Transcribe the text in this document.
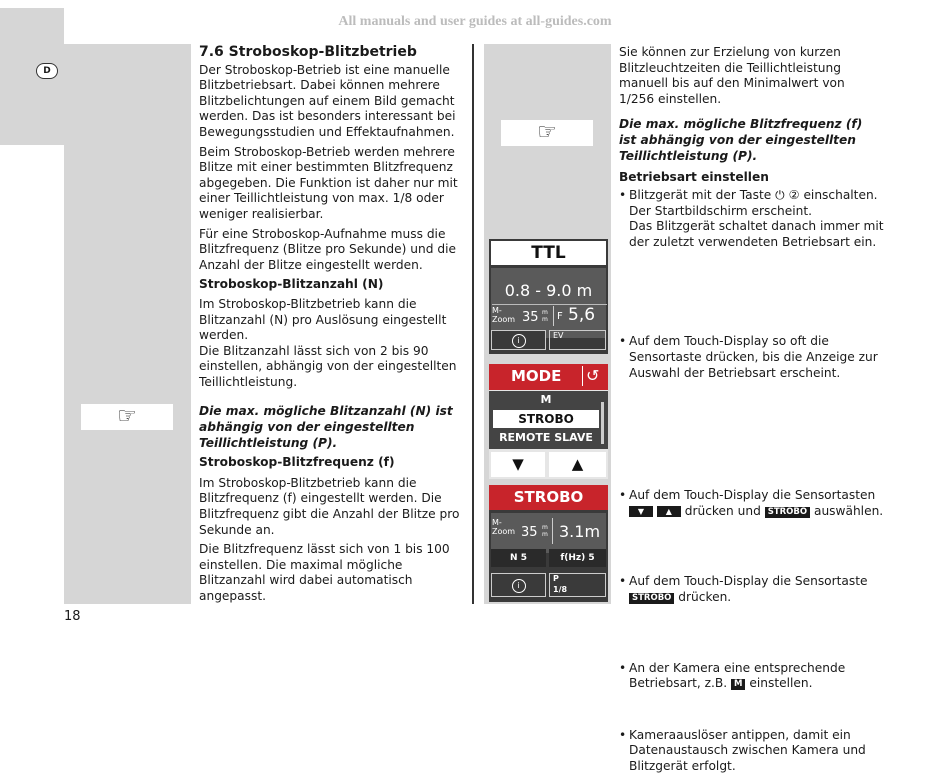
All manuals and user guides at all-guides.com
D
☞
☞
7.6 Stroboskop-Blitzbetrieb

Der Stroboskop-Betrieb ist eine manuelle Blitzbetriebsart. Dabei können mehrere Blitzbelichtungen auf einem Bild gemacht werden. Das ist besonders interessant bei Bewegungsstudien und Effektaufnahmen.

Beim Stroboskop-Betrieb werden mehrere Blitze mit einer bestimmten Blitzfrequenz abgegeben. Die Funktion ist daher nur mit einer Teillichtleistung von max. 1/8 oder weniger realisierbar.

Für eine Stroboskop-Aufnahme muss die Blitzfrequenz (Blitze pro Sekunde) und die Anzahl der Blitze eingestellt werden.

Stroboskop-Blitzanzahl (N)

Im Stroboskop-Blitzbetrieb kann die Blitzanzahl (N) pro Auslösung eingestellt werden.

Die Blitzanzahl lässt sich von 2 bis 90 einstellen, abhängig von der eingestellten Teillichtleistung.

Die max. mögliche Blitzanzahl (N) ist abhängig von der eingestellten Teillichtleistung (P).

Stroboskop-Blitzfrequenz (f)

Im Stroboskop-Blitzbetrieb kann die Blitzfrequenz (f) eingestellt werden. Die Blitzfrequenz gibt die Anzahl der Blitze pro Sekunde an.

Die Blitzfrequenz lässt sich von 1 bis 100 einstellen. Die maximal mögliche Blitzanzahl wird dabei automatisch angepasst.

Sie können zur Erzielung von kurzen Blitzleuchtzeiten die Teillichtleistung manuell bis auf den Minimalwert von 1/256 einstellen.

Die max. mögliche Blitzfrequenz (f) ist abhängig von der eingestellten Teillichtleistung (P).

Betriebsart einstellen
• Blitzgerät mit der Taste ⏻ ② einschalten.
Der Startbildschirm erscheint.
Das Blitzgerät schaltet danach immer mit der zuletzt verwendeten Betriebsart ein.
• Auf dem Touch-Display so oft die Sensortaste drücken, bis die Anzeige zur Auswahl der Betriebsart erscheint.
• Auf dem Touch-Display die Sensortasten
▼	▲ drücken und STROBO auswählen.
• Auf dem Touch-Display die Sensortaste
STROBO drücken.
• An der Kamera eine entsprechende Betriebsart, z.B. M einstellen.
• Kameraauslöser antippen, damit ein Datenaustausch zwischen Kamera und Blitzgerät erfolgt.
TTL
0.8 - 9.0 m
M-
Zoom 35 mm F 5,6
i
EV
MODE ↺
M
STROBO
REMOTE SLAVE
▼	▲
STROBO
M-
Zoom 35 mm 3.1m
N 5	f(Hz) 5
i
P
1/8
18
